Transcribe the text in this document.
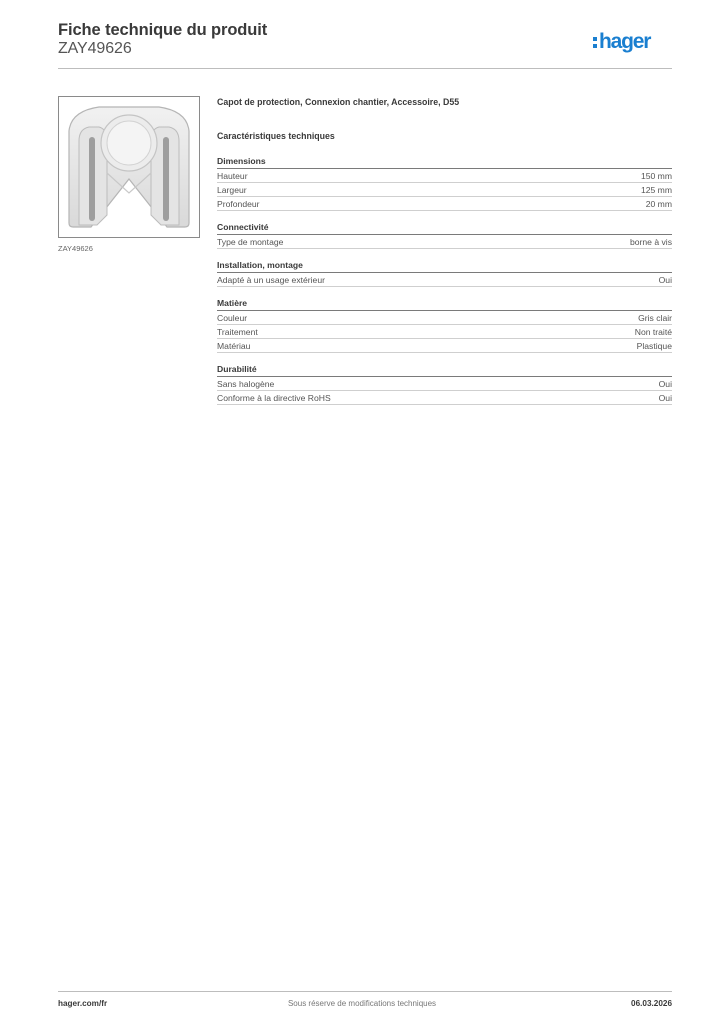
Fiche technique du produit
ZAY49626	hager
ZAY49626

Capot de protection, Connexion chantier, Accessoire, D55

Caractéristiques techniques

Dimensions
Hauteur	150 mm
Largeur	125 mm
Profondeur	20 mm
Connectivité
Type de montage	borne à vis
Installation, montage
Adapté à un usage extérieur	Oui
Matière
Couleur	Gris clair
Traitement	Non traité
Matériau	Plastique
Durabilité
Sans halogène	Oui
Conforme à la directive RoHS	Oui
hager.com/fr	Sous réserve de modifications techniques	06.03.2026
